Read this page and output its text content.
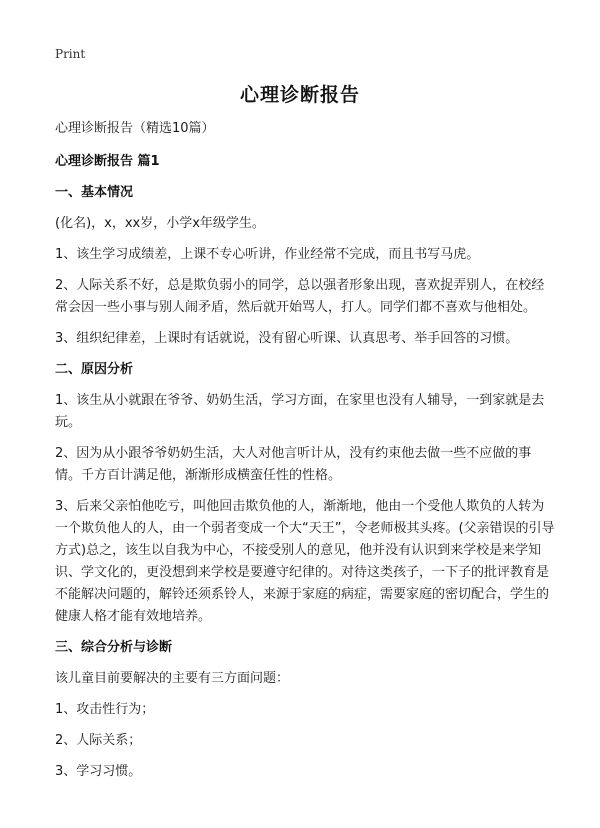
Print
心理诊断报告

心理诊断报告（精选10篇）

心理诊断报告 篇1

一、基本情况

(化名)，x，xx岁，小学x年级学生。

1、该生学习成绩差，上课不专心听讲，作业经常不完成，而且书写马虎。

2、人际关系不好，总是欺负弱小的同学，总以强者形象出现，喜欢捉弄别人，在校经常会因一些小事与别人闹矛盾，然后就开始骂人，打人。同学们都不喜欢与他相处。

3、组织纪律差，上课时有话就说，没有留心听课、认真思考、举手回答的习惯。

二、原因分析

1、该生从小就跟在爷爷、奶奶生活，学习方面，在家里也没有人辅导，一到家就是去玩。

2、因为从小跟爷爷奶奶生活，大人对他言听计从，没有约束他去做一些不应做的事情。千方百计满足他，渐渐形成横蛮任性的性格。

3、后来父亲怕他吃亏，叫他回击欺负他的人，渐渐地，他由一个受他人欺负的人转为一个欺负他人的人，由一个弱者变成一个大“天王”，令老师极其头疼。(父亲错误的引导方式)总之，该生以自我为中心，不接受别人的意见，他并没有认识到来学校是来学知识、学文化的，更没想到来学校是要遵守纪律的。对待这类孩子，一下子的批评教育是不能解决问题的，解铃还须系铃人，来源于家庭的病症，需要家庭的密切配合，学生的健康人格才能有效地培养。

三、综合分析与诊断

该儿童目前要解决的主要有三方面问题：

1、攻击性行为；

2、人际关系；

3、学习习惯。
